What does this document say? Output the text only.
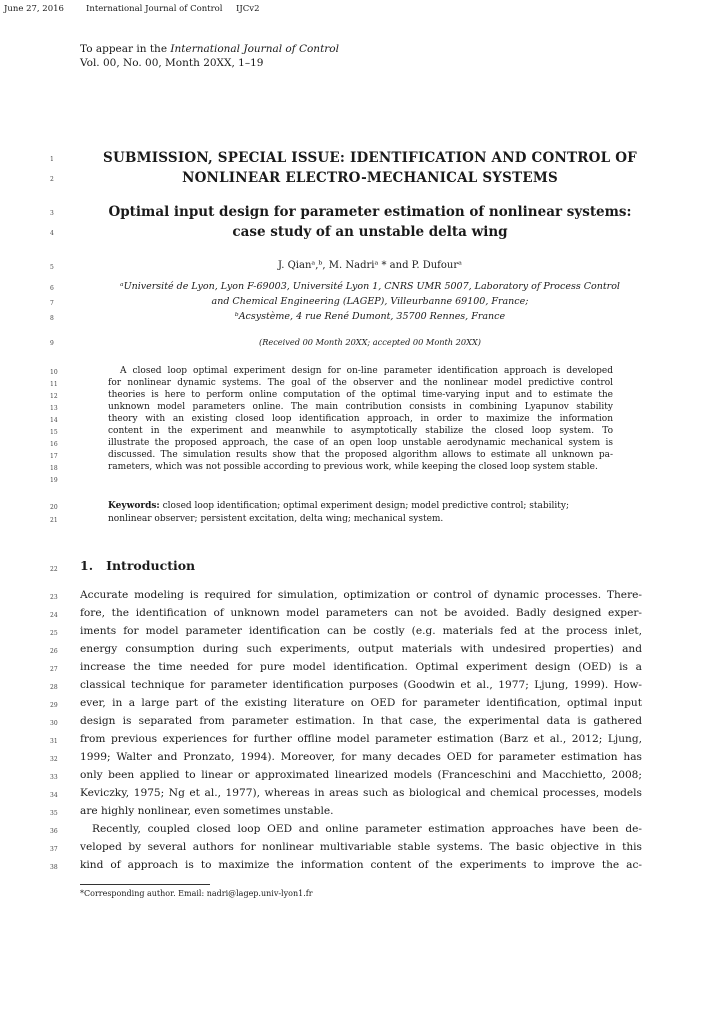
June 27, 2016	International Journal of Control IJCv2
To appear in the International Journal of Control
Vol. 00, No. 00, Month 20XX, 1–19
1
2
3
4
5
6
7
8
9
10
11
12
13
14
15
16
17
18
19
20
21
22
23
24
25
26
27
28
29
30
31
32
33
34
35
36
37
38
SUBMISSION, SPECIAL ISSUE: IDENTIFICATION AND CONTROL OF
NONLINEAR ELECTRO-MECHANICAL SYSTEMS
Optimal input design for parameter estimation of nonlinear systems:
case study of an unstable delta wing
J. Qianᵃ,ᵇ, M. Nadriᵃ * and P. Dufourᵃ
ᵃUniversité de Lyon, Lyon F-69003, Université Lyon 1, CNRS UMR 5007, Laboratory of Process Control
and Chemical Engineering (LAGEP), Villeurbanne 69100, France;
ᵇAcsystème, 4 rue René Dumont, 35700 Rennes, France
(Received 00 Month 20XX; accepted 00 Month 20XX)
A closed loop optimal experiment design for on-line parameter identification approach is developed
for nonlinear dynamic systems. The goal of the observer and the nonlinear model predictive control
theories is here to perform online computation of the optimal time-varying input and to estimate the
unknown model parameters online. The main contribution consists in combining Lyapunov stability
theory with an existing closed loop identification approach, in order to maximize the information
content in the experiment and meanwhile to asymptotically stabilize the closed loop system. To
illustrate the proposed approach, the case of an open loop unstable aerodynamic mechanical system is
discussed. The simulation results show that the proposed algorithm allows to estimate all unknown pa-
rameters, which was not possible according to previous work, while keeping the closed loop system stable.
Keywords: closed loop identification; optimal experiment design; model predictive control; stability;
nonlinear observer; persistent excitation, delta wing; mechanical system.
1. Introduction
Accurate modeling is required for simulation, optimization or control of dynamic processes. There-
fore, the identification of unknown model parameters can not be avoided. Badly designed exper-
iments for model parameter identification can be costly (e.g. materials fed at the process inlet,
energy consumption during such experiments, output materials with undesired properties) and
increase the time needed for pure model identification. Optimal experiment design (OED) is a
classical technique for parameter identification purposes (Goodwin et al., 1977; Ljung, 1999). How-
ever, in a large part of the existing literature on OED for parameter identification, optimal input
design is separated from parameter estimation. In that case, the experimental data is gathered
from previous experiences for further offline model parameter estimation (Barz et al., 2012; Ljung,
1999; Walter and Pronzato, 1994). Moreover, for many decades OED for parameter estimation has
only been applied to linear or approximated linearized models (Franceschini and Macchietto, 2008;
Keviczky, 1975; Ng et al., 1977), whereas in areas such as biological and chemical processes, models
are highly nonlinear, even sometimes unstable.
Recently, coupled closed loop OED and online parameter estimation approaches have been de-
veloped by several authors for nonlinear multivariable stable systems. The basic objective in this
kind of approach is to maximize the information content of the experiments to improve the ac-
*Corresponding author. Email: nadri@lagep.univ-lyon1.fr
